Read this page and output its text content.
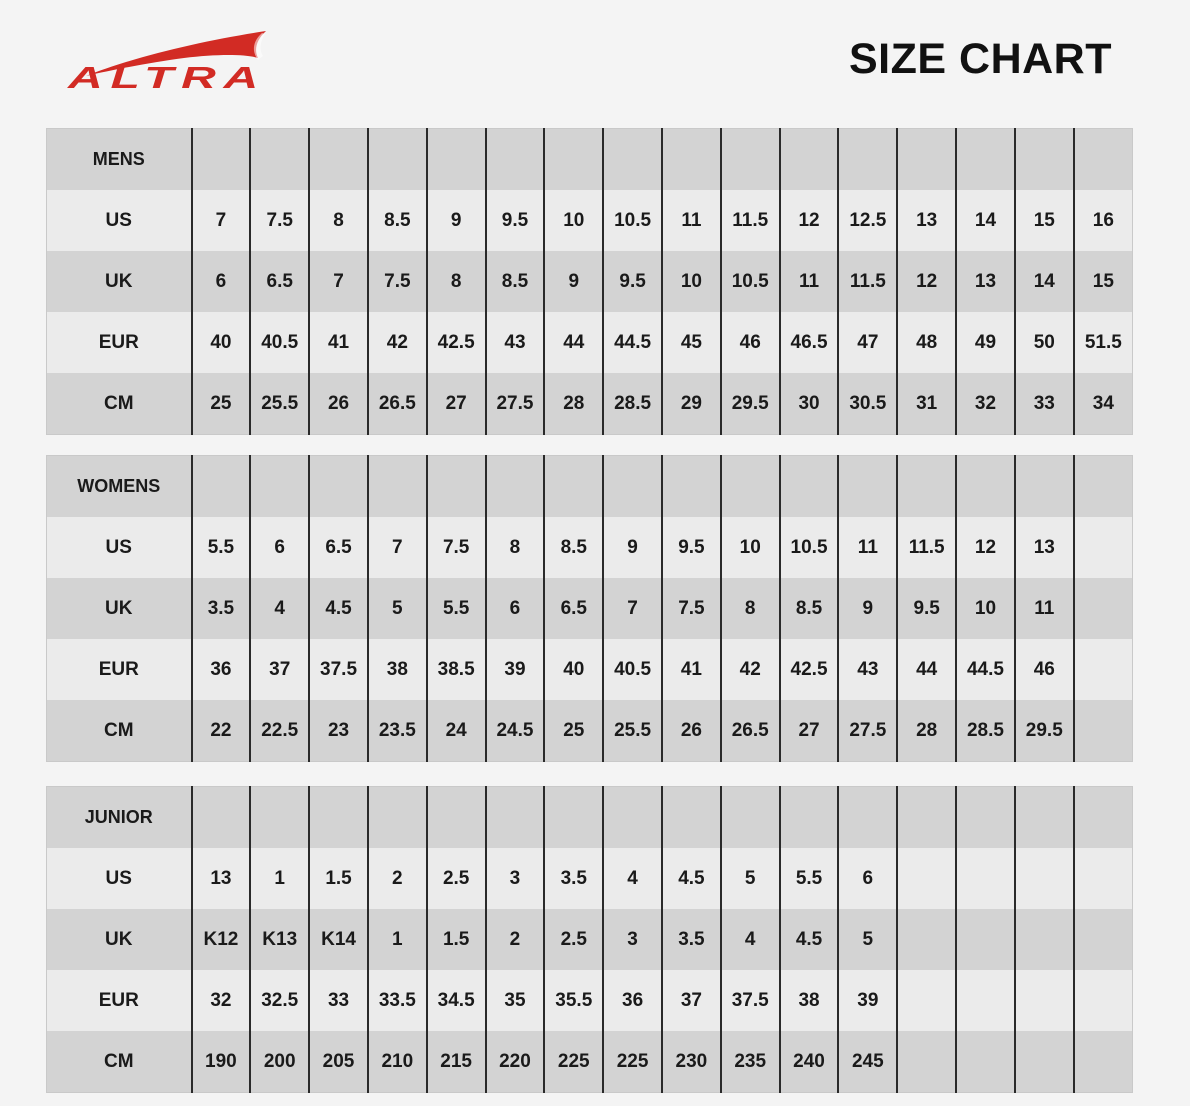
ALTRA	SIZE CHART
MENS																
US	7	7.5	8	8.5	9	9.5	10	10.5	11	11.5	12	12.5	13	14	15	16
UK	6	6.5	7	7.5	8	8.5	9	9.5	10	10.5	11	11.5	12	13	14	15
EUR	40	40.5	41	42	42.5	43	44	44.5	45	46	46.5	47	48	49	50	51.5
CM	25	25.5	26	26.5	27	27.5	28	28.5	29	29.5	30	30.5	31	32	33	34
WOMENS																
US	5.5	6	6.5	7	7.5	8	8.5	9	9.5	10	10.5	11	11.5	12	13	
UK	3.5	4	4.5	5	5.5	6	6.5	7	7.5	8	8.5	9	9.5	10	11	
EUR	36	37	37.5	38	38.5	39	40	40.5	41	42	42.5	43	44	44.5	46	
CM	22	22.5	23	23.5	24	24.5	25	25.5	26	26.5	27	27.5	28	28.5	29.5	
JUNIOR																
US	13	1	1.5	2	2.5	3	3.5	4	4.5	5	5.5	6				
UK	K12	K13	K14	1	1.5	2	2.5	3	3.5	4	4.5	5				
EUR	32	32.5	33	33.5	34.5	35	35.5	36	37	37.5	38	39				
CM	190	200	205	210	215	220	225	225	230	235	240	245				
